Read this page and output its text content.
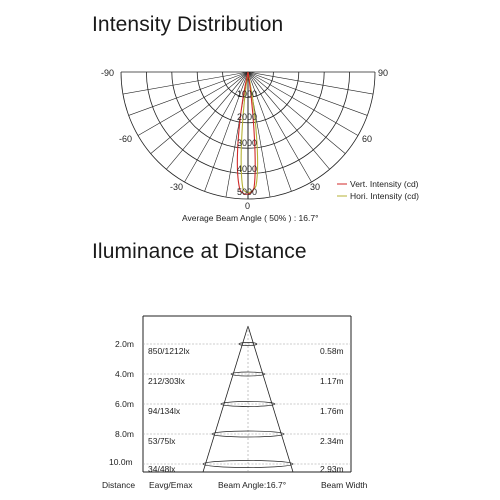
Intensity Distribution
Iluminance at Distance
1000
2000
3000
4000
5000
-90
-60
-30
0
30
60
90
Vert. Intensity (cd)
Hori. Intensity (cd)
Average Beam Angle ( 50% ) : 16.7°
2.0m
4.0m
6.0m
8.0m
10.0m
850/1212lx
212/303lx
94/134lx
53/75lx
34/48lx
0.58m
1.17m
1.76m
2.34m
2.93m
Distance Eavg/Emax	Beam Angle:16.7°	Beam Width
